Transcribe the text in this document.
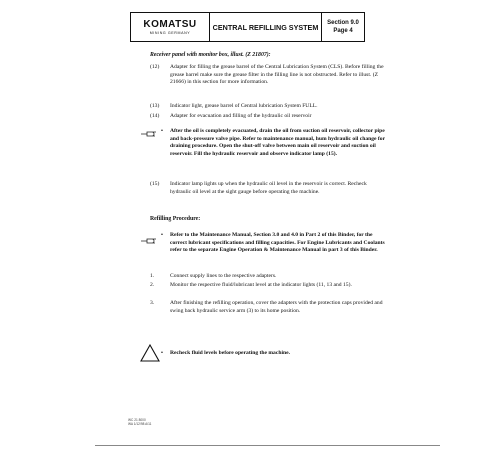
KOMATSU
MINING GERMANY
CENTRAL REFILLING SYSTEM	Section 9.0
Page 4
Receiver panel with monitor box, illust. (Z 21807):
(12) Adapter for filling the grease barrel of the Central Lubrication System (CLS). Before filling the grease barrel make sure the grease filter in the filling line is not obstructed. Refer to illust. (Z 21666) in this section for more information.
(13) Indicator light, grease barrel of Central lubrication System FULL.
(14) Adapter for evacuation and filling of the hydraulic oil reservoir
• After the oil is completely evacuated, drain the oil from suction oil reservoir, collector pipe and back-pressure valve pipe. Refer to maintenance manual, hum hydraulic oil change for draining procedure. Open the shut-off valve between main oil reservoir and suction oil reservoir. Fill the hydraulic reservoir and observe indicator lamp (15).
(15) Indicator lamp lights up when the hydraulic oil level in the reservoir is correct. Recheck hydraulic oil level at the sight gauge before operating the machine.
Refilling Procedure:
• Refer to the Maintenance Manual, Section 3.0 and 4.0 in Part 2 of this Binder, for the correct lubricant specifications and filling capacities. For Engine Lubricants and Coolants refer to the separate Engine Operation & Maintenance Manual in part 3 of this Binder.
1.	Connect supply lines to the respective adapters.
2.	Monitor the respective fluid/lubricant level at the indicator lights (11, 13 and 15).
3.	After finishing the refilling operation, cover the adapters with the protection caps provided and swing back hydraulic service arm (3) to its home position.
• Recheck fluid levels before operating the machine.
WC 21 8000
WA 1/12/98 A/11
